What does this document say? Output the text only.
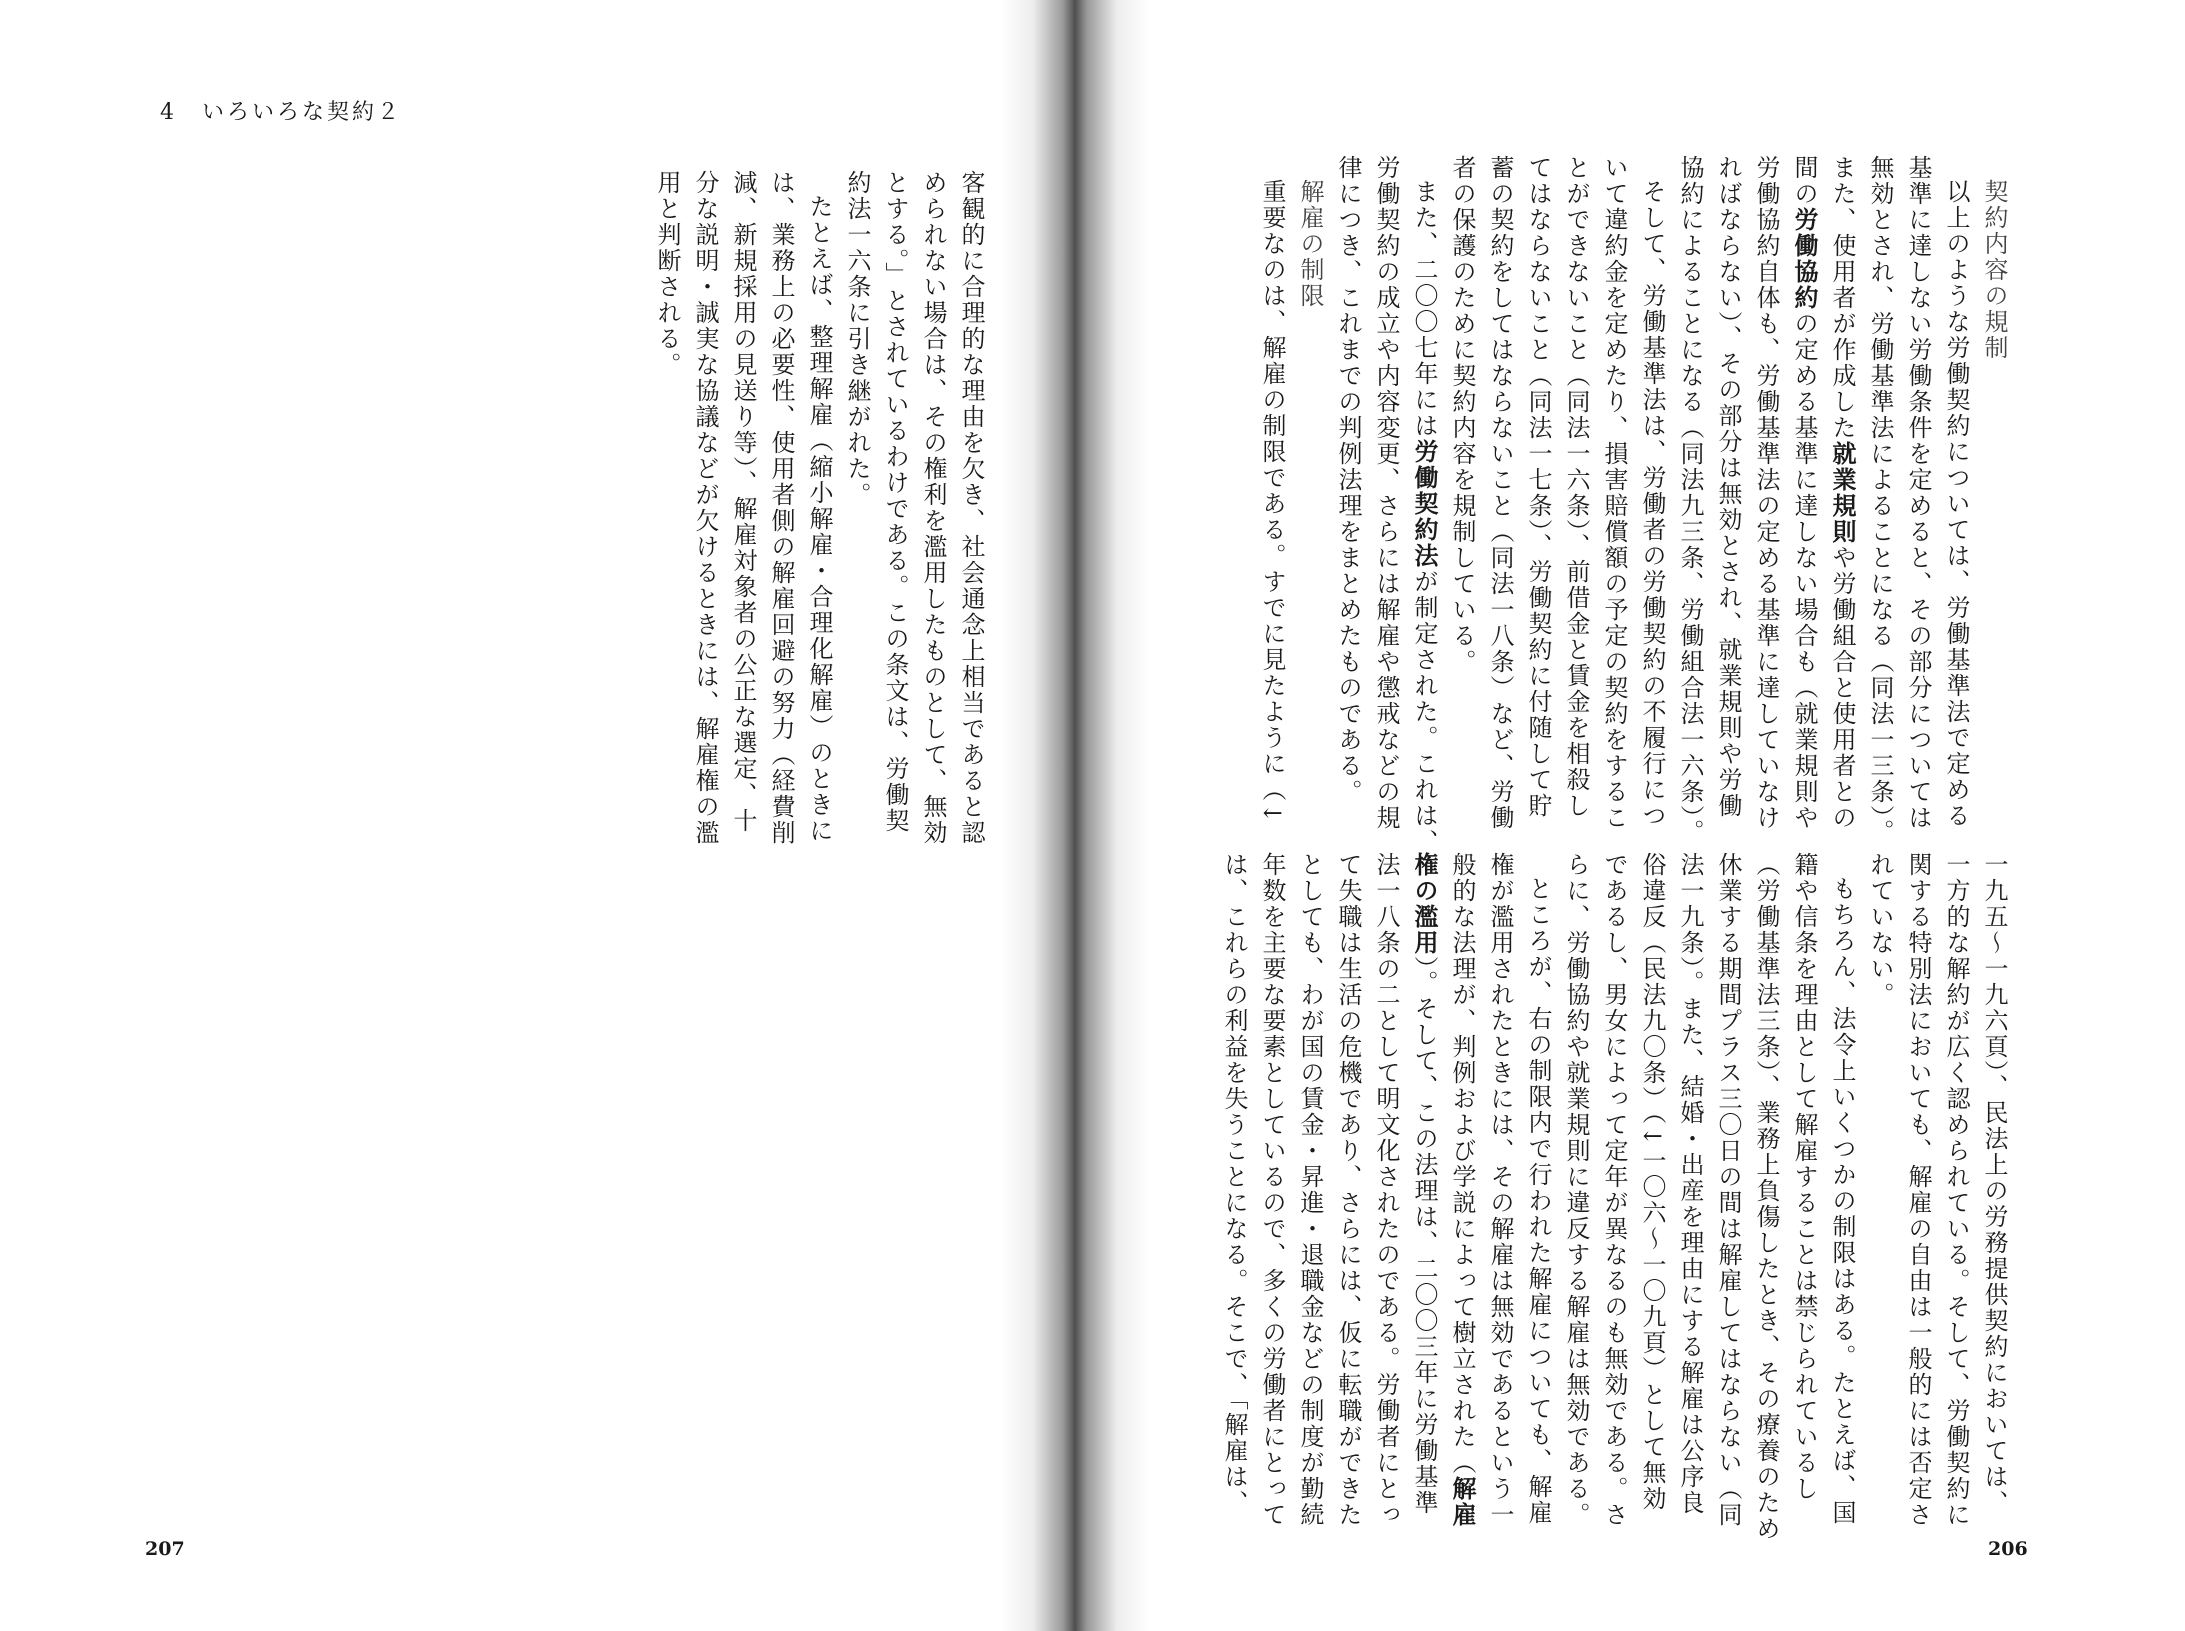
4　いろいろな契約２
客観的に合理的な理由を欠き、社会通念上相当であると認
められない場合は、その権利を濫用したものとして、無効
とする。」とされているわけである。この条文は、労働契
約法一六条に引き継がれた。
たとえば、整理解雇（縮小解雇・合理化解雇）のときに
は、業務上の必要性、使用者側の解雇回避の努力（経費削
減、新規採用の見送り等）、解雇対象者の公正な選定、十
分な説明・誠実な協議などが欠けるときには、解雇権の濫
用と判断される。
207
契約内容の規制
以上のような労働契約については、労働基準法で定める
基準に達しない労働条件を定めると、その部分については
無効とされ、労働基準法によることになる（同法一三条）。
また、使用者が作成した就業規則や労働組合と使用者との
間の労働協約の定める基準に達しない場合も（就業規則や
労働協約自体も、労働基準法の定める基準に達していなけ
ればならない）、その部分は無効とされ、就業規則や労働
協約によることになる（同法九三条、労働組合法一六条）。
そして、労働基準法は、労働者の労働契約の不履行につ
いて違約金を定めたり、損害賠償額の予定の契約をするこ
とができないこと（同法一六条）、前借金と賃金を相殺し
てはならないこと（同法一七条）、労働契約に付随して貯
蓄の契約をしてはならないこと（同法一八条）など、労働
者の保護のために契約内容を規制している。
また、二〇〇七年には労働契約法が制定された。これは、
労働契約の成立や内容変更、さらには解雇や懲戒などの規
律につき、これまでの判例法理をまとめたものである。
解雇の制限
重要なのは、解雇の制限である。すでに見たように（↓
一九五～一九六頁）、民法上の労務提供契約においては、
一方的な解約が広く認められている。そして、労働契約に
関する特別法においても、解雇の自由は一般的には否定さ
れていない。
もちろん、法令上いくつかの制限はある。たとえば、国
籍や信条を理由として解雇することは禁じられているし
（労働基準法三条）、業務上負傷したとき、その療養のため
休業する期間プラス三〇日の間は解雇してはならない（同
法一九条）。また、結婚・出産を理由にする解雇は公序良
俗違反（民法九〇条）（↓一〇六～一〇九頁）として無効
であるし、男女によって定年が異なるのも無効である。さ
らに、労働協約や就業規則に違反する解雇は無効である。
ところが、右の制限内で行われた解雇についても、解雇
権が濫用されたときには、その解雇は無効であるという一
般的な法理が、判例および学説によって樹立された（解雇
権の濫用）。そして、この法理は、二〇〇三年に労働基準
法一八条の二として明文化されたのである。労働者にとっ
て失職は生活の危機であり、さらには、仮に転職ができた
としても、わが国の賃金・昇進・退職金などの制度が勤続
年数を主要な要素としているので、多くの労働者にとって
は、これらの利益を失うことになる。そこで、「解雇は、
206
